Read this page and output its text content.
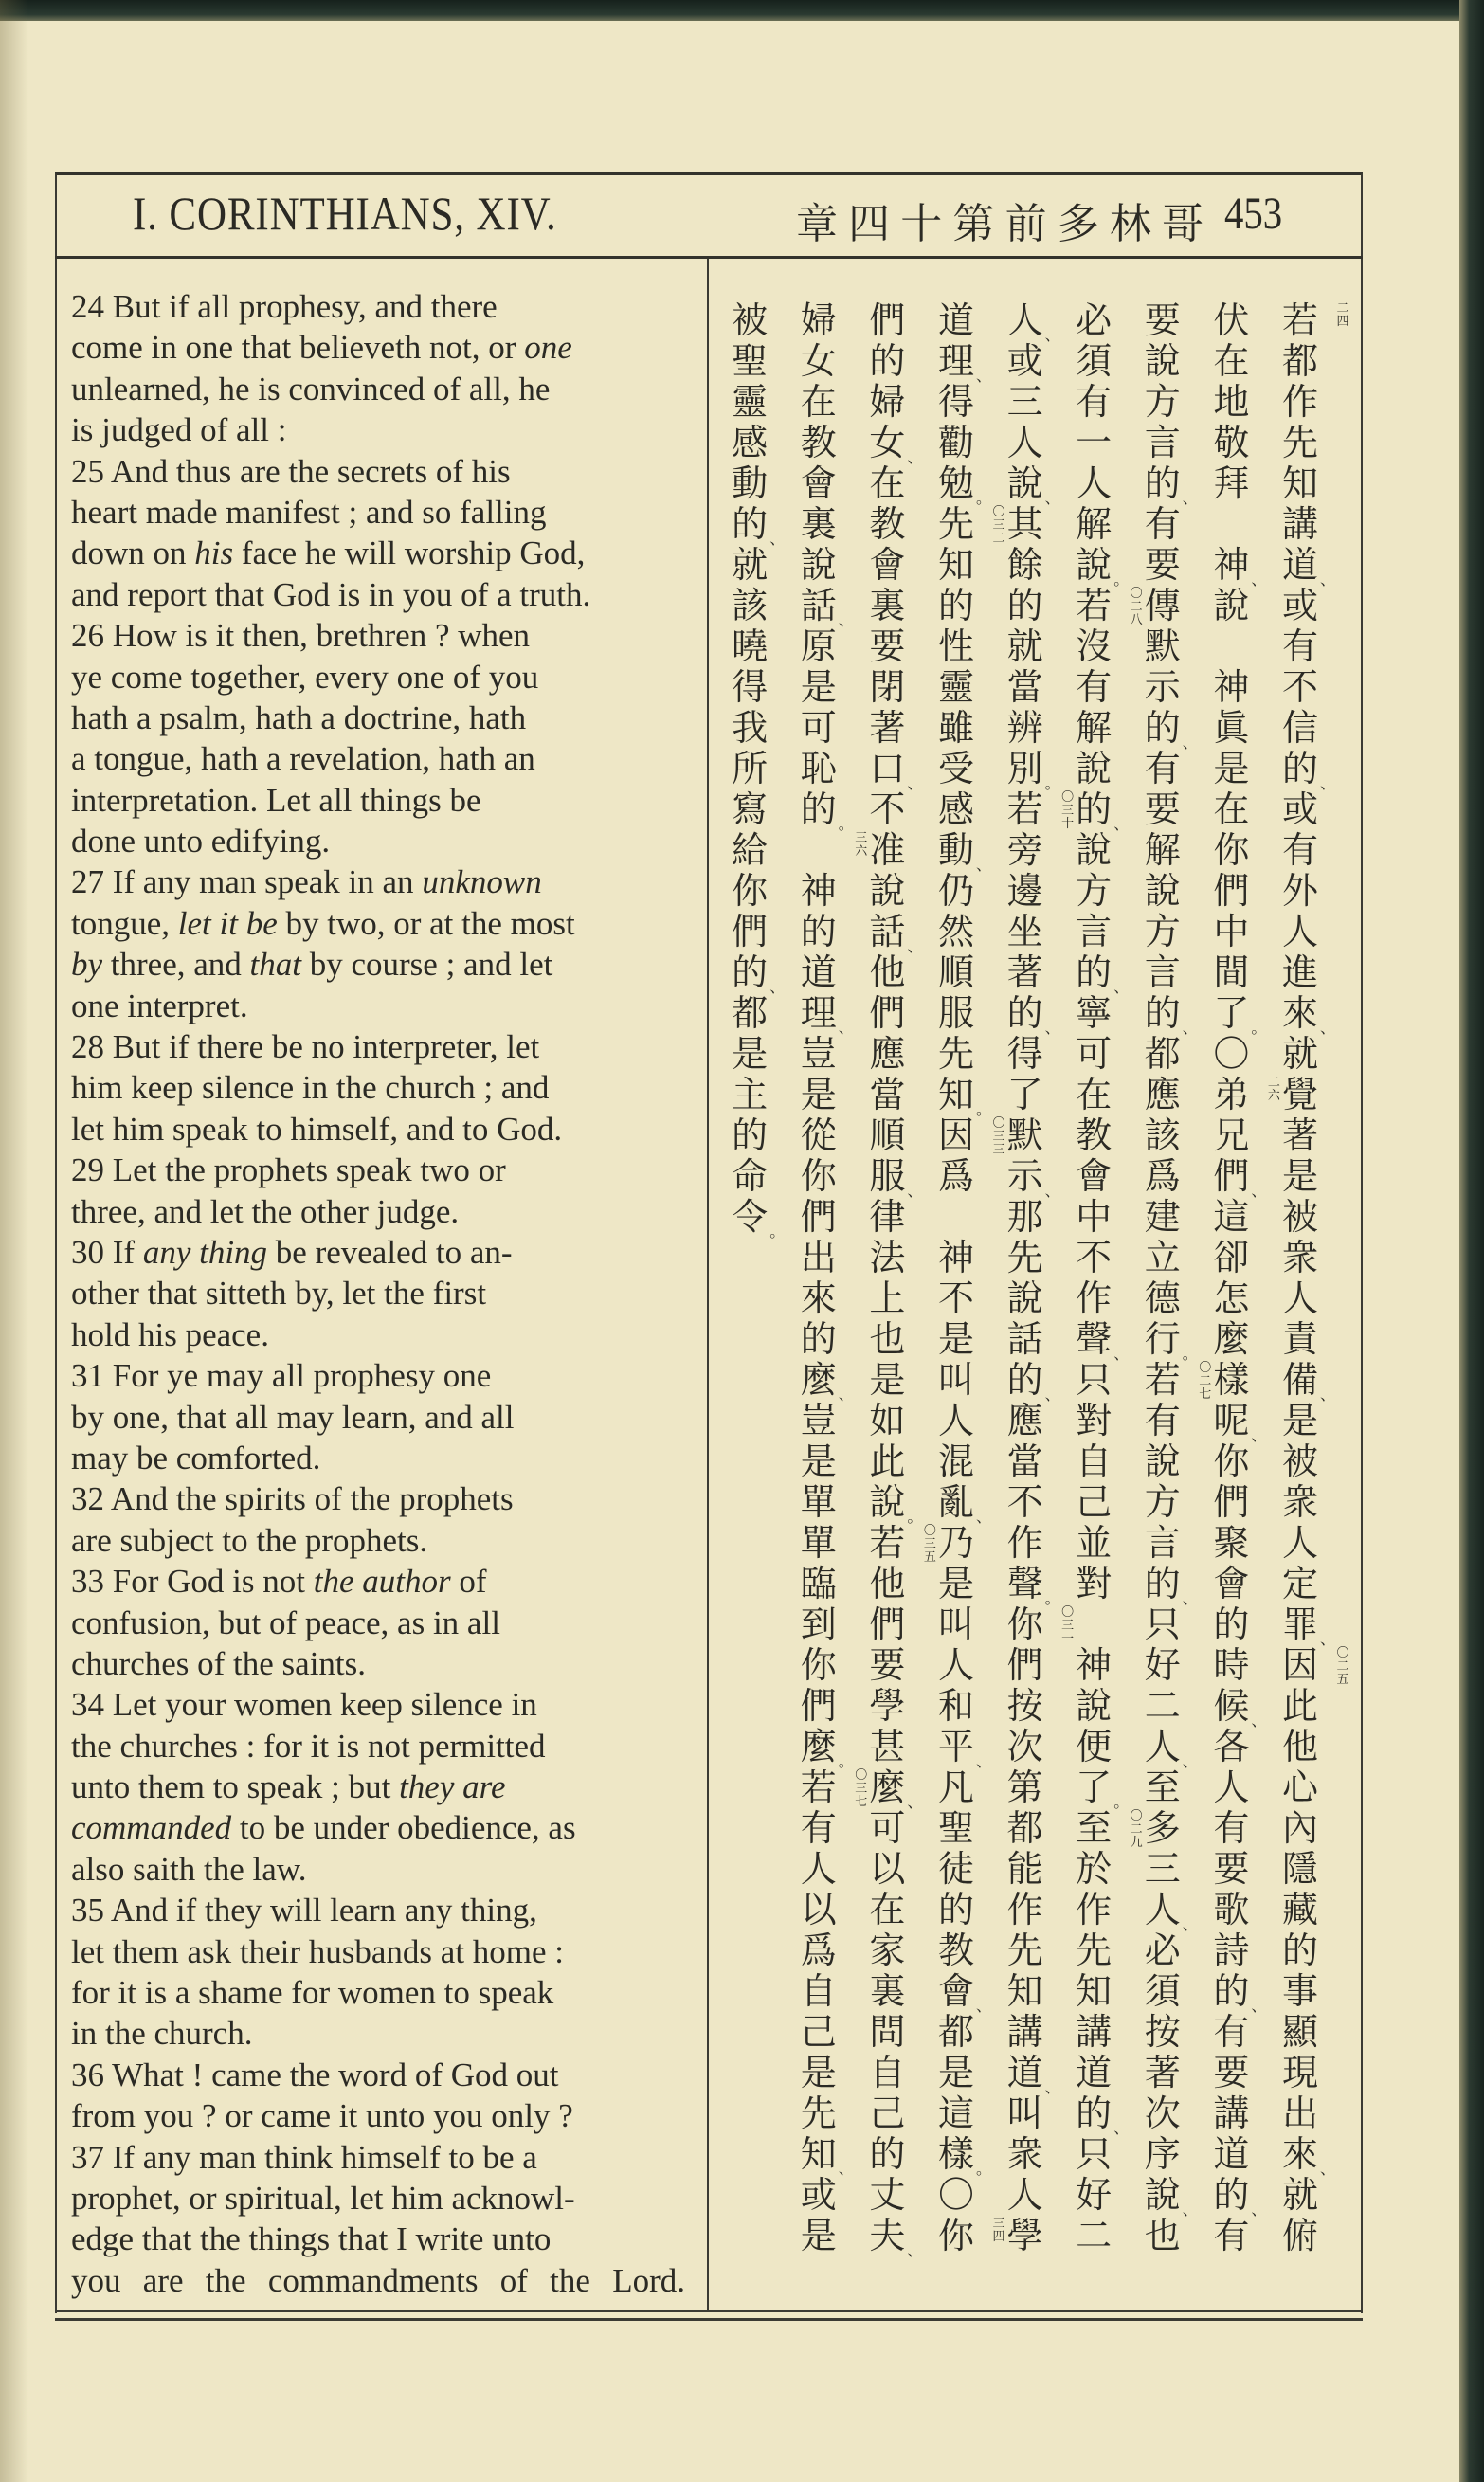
I. CORINTHIANS, XIV.	哥
林
多
前
第
十
四
章	453
24 But if all prophesy, and there
come in one that believeth not, or one
unlearned, he is convinced of all, he
is judged of all :
25 And thus are the secrets of his
heart made manifest ; and so falling
down on his face he will worship God,
and report that God is in you of a truth.
26 How is it then, brethren ? when
ye come together, every one of you
hath a psalm, hath a doctrine, hath
a tongue, hath a revelation, hath an
interpretation. Let all things be
done unto edifying.
27 If any man speak in an unknown
tongue, let it be by two, or at the most
by three, and that by course ; and let
one interpret.
28 But if there be no interpreter, let
him keep silence in the church ; and
let him speak to himself, and to God.
29 Let the prophets speak two or
three, and let the other judge.
30 If any thing be revealed to an-
other that sitteth by, let the first
hold his peace.
31 For ye may all prophesy one
by one, that all may learn, and all
may be comforted.
32 And the spirits of the prophets
are subject to the prophets.
33 For God is not the author of
confusion, but of peace, as in all
churches of the saints.
34 Let your women keep silence in
the churches : for it is not permitted
unto them to speak ; but they are
commanded to be under obedience, as
also saith the law.
35 And if they will learn any thing,
let them ask their husbands at home :
for it is a shame for women to speak
in the church.
36 What ! came the word of God out
from you ? or came it unto you only ?
37 If any man think himself to be a
prophet, or spiritual, let him acknowl-
edge that the things that I write unto
you are the commandments of the Lord.
二
四
若
都
作
先
知
講
道 、
或
有
不
信
的 、
或
有
外
人
進
來 、
就
覺
著
是
被
衆
人
責
備 、
是
被
衆
人
定
罪 、
〇
二
五
因
此
他
心
內
隱
藏
的
事
顯
現
出
來 、
就
俯
伏
在
地
敬
拜

神 、
說

神
眞
是
在
你
們
中
間
了 。
〇
二
六
弟
兄
們 、
這
卻
怎
麼
樣
呢 、
你
們
聚
會
的
時
候 、
各
人
有
要
歌
詩
的 、
有
要
講
道
的 、
有
要
說
方
言
的 、
有
要
傳
默
示
的 、
有
要
解
說
方
言
的 、
都
應
該
爲
建
立
德
行 。
〇
二
七
若
有
說
方
言
的 、
只
好
二
人 、
至
多
三
人 、
必
須
按
著
次
序
說 、
也
必
須
有
一
人
解
說 。
〇
二
八
若
沒
有
解
說
的 、
說
方
言
的 、
寧
可
在
教
會
中
不
作
聲 、
只
對
自
己
並
對

神
說
便
了 。
〇
二
九
至
於
作
先
知
講
道
的 、
只
好
二
人 、
或
三
人
說 、
其
餘
的
就
當
辨
別 。
〇
三
十
若
旁
邊
坐
著
的 、
得
了
默
示 、
那
先
說
話
的 、
應
當
不
作
聲 。
〇
三
一
你
們
按
次
第
都
能
作
先
知
講
道 、
叫
衆
人
學
道
理 、
得
勸
勉 。
〇
三
二
先
知
的
性
靈
雖
受
感
動 、
仍
然
順
服
先
知 。
〇
三
三
因
爲

神
不
是
叫
人
混
亂 、
乃
是
叫
人
和
平 、
凡
聖
徒
的
教
會 、
都
是
這
樣 。
〇
三
四
你
們
的
婦
女 、
在
教
會
裏
要
閉
著
口 、
不
准
說
話 、
他
們
應
當
順
服 、
律
法
上
也
是
如
此
說 。
〇
三
五
若
他
們
要
學
甚
麼 、
可
以
在
家
裏
問
自
己
的
丈
夫 、
婦
女
在
教
會
裏
說
話 、
原
是
可
恥
的 。
三
六

神
的
道
理 、
豈
是
從
你
們
出
來
的
麼 、
豈
是
單
單
臨
到
你
們
麼 。
〇
三
七
若
有
人
以
爲
自
己
是
先
知 、
或
是
被
聖
靈
感
動
的 、
就
該
曉
得
我
所
寫
給
你
們
的 、
都
是
主
的
命
令 。
